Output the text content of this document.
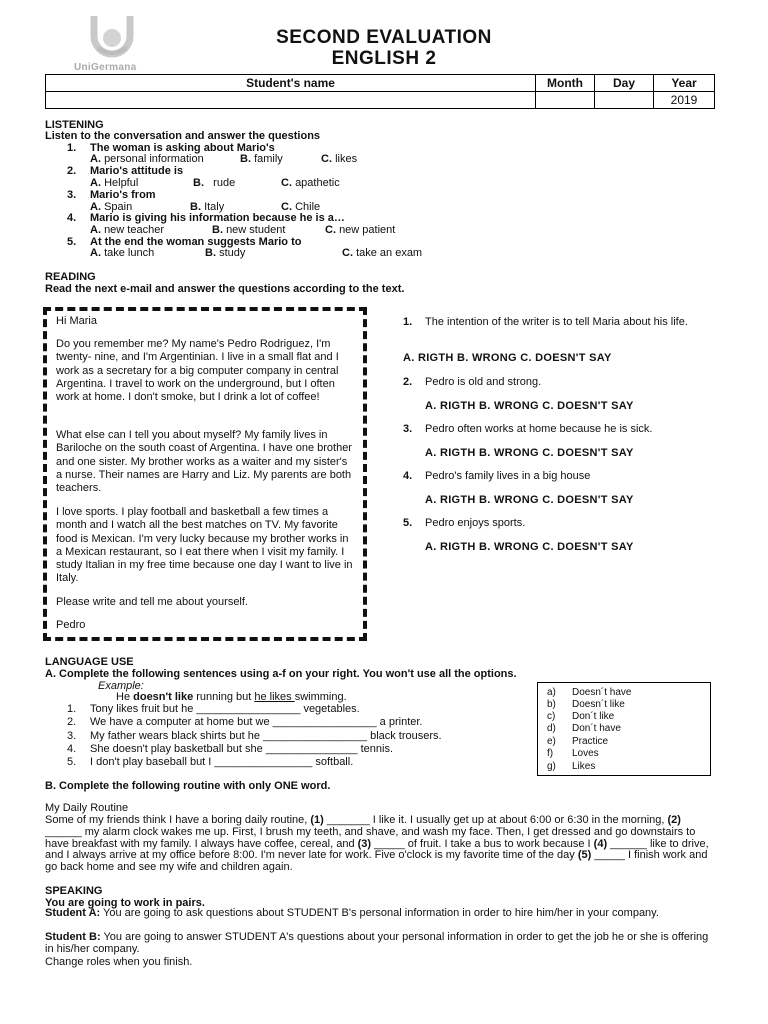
UniGermana
SECOND EVALUATION
ENGLISH 2
Student's name	Month	Day	Year
			2019
LISTENING
Listen to the conversation and answer the questions
1. The woman is asking about Mario's
A. personal information	B. family	C. likes
2. Mario's attitude is
A. Helpful	B. rude	C. apathetic
3. Mario's from
A. Spain	B. Italy	C. Chile
4. Mario is giving his information because he is a…
A. new teacher	B. new student	C. new patient
5. At the end the woman suggests Mario to
A. take lunch	B. study	C. take an exam
READING
Read the next e-mail and answer the questions according to the text.
Hi Maria
Do you remember me? My name's Pedro Rodriguez, I'm twenty- nine, and I'm Argentinian. I live in a small flat and I work as a secretary for a big computer company in central Argentina. I travel to work on the underground, but I often work at home. I don't smoke, but I drink a lot of coffee!
What else can I tell you about myself? My family lives in Bariloche on the south coast of Argentina. I have one brother and one sister. My brother works as a waiter and my sister's a nurse. Their names are Harry and Liz. My parents are both teachers.
I love sports. I play football and basketball a few times a month and I watch all the best matches on TV. My favorite food is Mexican. I'm very lucky because my brother works in a Mexican restaurant, so I eat there when I visit my family. I study Italian in my free time because one day I want to live in Italy.
Please write and tell me about yourself.
Pedro
1. The intention of the writer is to tell Maria about his life.
A. RIGTH B. WRONG C. DOESN'T SAY
2. Pedro is old and strong.
A. RIGTH B. WRONG C. DOESN'T SAY
3. Pedro often works at home because he is sick.
A. RIGTH B. WRONG C. DOESN'T SAY
4. Pedro's family lives in a big house
A. RIGTH B. WRONG C. DOESN'T SAY
5. Pedro enjoys sports.
A. RIGTH B. WRONG C. DOESN'T SAY
LANGUAGE USE
A. Complete the following sentences using a-f on your right. You won't use all the options.
Example:
He doesn't like running but he likes swimming.
1. Tony likes fruit but he _________________ vegetables.
2. We have a computer at home but we _________________ a printer.
3. My father wears black shirts but he _________________ black trousers.
4. She doesn't play basketball but she _______________ tennis.
5. I don't play baseball but I ________________ softball.
a) Doesn´t have
b) Doesn´t like
c) Don´t like
d) Don´t have
e) Practice
f) Loves
g) Likes
B. Complete the following routine with only ONE word.
My Daily Routine
Some of my friends think I have a boring daily routine, (1) _______ I like it. I usually get up at about 6:00 or 6:30 in the morning, (2) ______ my alarm clock wakes me up. First, I brush my teeth, and shave, and wash my face. Then, I get dressed and go downstairs to have breakfast with my family. I always have coffee, cereal, and (3) _____ of fruit. I take a bus to work because I (4) ______ like to drive, and I always arrive at my office before 8:00. I'm never late for work. Five o'clock is my favorite time of the day (5) _____ I finish work and go back home and see my wife and children again.
SPEAKING
You are going to work in pairs.
Student A: You are going to ask questions about STUDENT B's personal information in order to hire him/her in your company.
Student B: You are going to answer STUDENT A's questions about your personal information in order to get the job he or she is offering in his/her company.
Change roles when you finish.
